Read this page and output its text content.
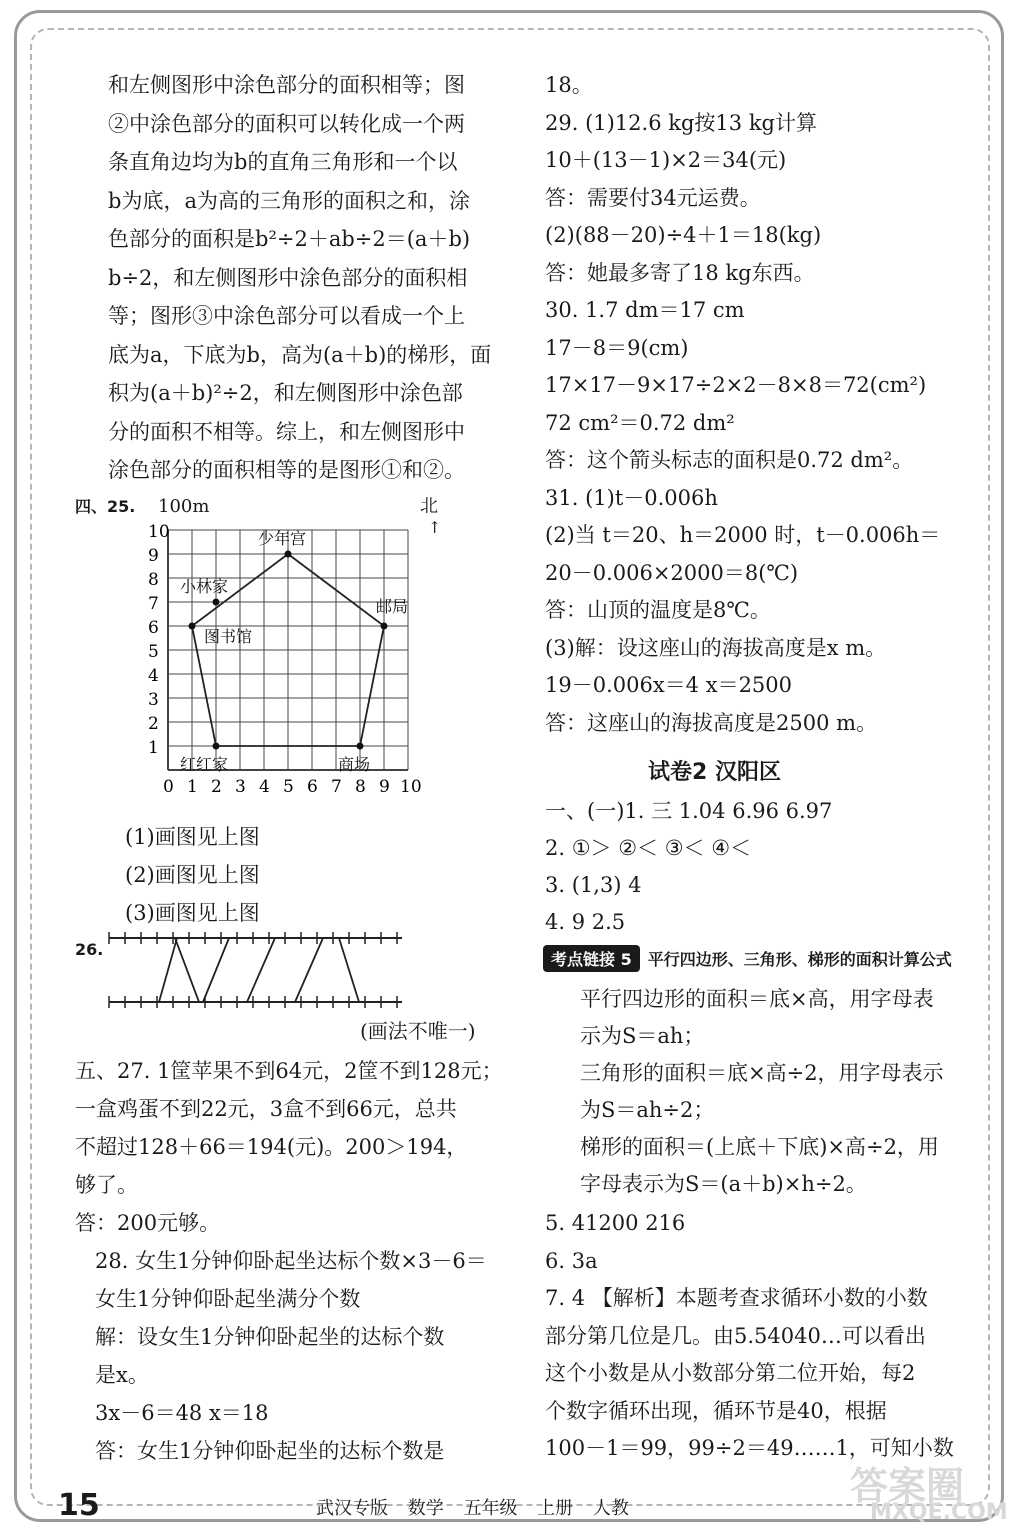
和左侧图形中涂色部分的面积相等；图
②中涂色部分的面积可以转化成一个两
条直角边均为b的直角三角形和一个以
b为底，a为高的三角形的面积之和，涂
色部分的面积是b²÷2＋ab÷2＝(a＋b)
b÷2，和左侧图形中涂色部分的面积相
等；图形③中涂色部分可以看成一个上
底为a，下底为b，高为(a＋b)的梯形，面
积为(a＋b)²÷2，和左侧图形中涂色部
分的面积不相等。综上，和左侧图形中
涂色部分的面积相等的是图形①和②。
四、25. 100m	北
↑
10
9
8
7
6
5
4
3
2
1
0 1 2 3 4 5 6 7 8 9 10
少年宫
小林家
邮局
图书馆
红红家	商场
(1)画图见上图
(2)画图见上图
(3)画图见上图
26.
(画法不唯一)
五、27. 1筐苹果不到64元，2筐不到128元；
一盒鸡蛋不到22元，3盒不到66元，总共
不超过128＋66＝194(元)。200＞194，
够了。
答：200元够。
28. 女生1分钟仰卧起坐达标个数×3－6＝
女生1分钟仰卧起坐满分个数
解：设女生1分钟仰卧起坐的达标个数
是x。
3x－6＝48 x＝18
答：女生1分钟仰卧起坐的达标个数是
18。
29. (1)12.6 kg按13 kg计算
10＋(13－1)×2＝34(元)
答：需要付34元运费。
(2)(88－20)÷4＋1＝18(kg)
答：她最多寄了18 kg东西。
30. 1.7 dm＝17 cm
17－8＝9(cm)
17×17－9×17÷2×2－8×8＝72(cm²)
72 cm²＝0.72 dm²
答：这个箭头标志的面积是0.72 dm²。
31. (1)t－0.006h
(2)当 t＝20、h＝2000 时，t－0.006h＝
20－0.006×2000＝8(℃)
答：山顶的温度是8℃。
(3)解：设这座山的海拔高度是x m。
19－0.006x＝4 x＝2500
答：这座山的海拔高度是2500 m。
试卷2 汉阳区
一、(一)1. 三 1.04 6.96 6.97
2. ①＞ ②＜ ③＜ ④＜
3. (1,3) 4
4. 9 2.5
考点链接 5	平行四边形、三角形、梯形的面积计算公式
平行四边形的面积＝底×高，用字母表
示为S＝ah；
三角形的面积＝底×高÷2，用字母表示
为S＝ah÷2；
梯形的面积＝(上底＋下底)×高÷2，用
字母表示为S＝(a＋b)×h÷2。
5. 41200 216
6. 3a
7. 4 【解析】本题考查求循环小数的小数
部分第几位是几。由5.54040…可以看出
这个小数是从小数部分第二位开始，每2
个数字循环出现，循环节是40，根据
100－1＝99，99÷2＝49……1，可知小数
15	武汉专版 数学 五年级 上册 人教
答案圈
MXQE.COM
